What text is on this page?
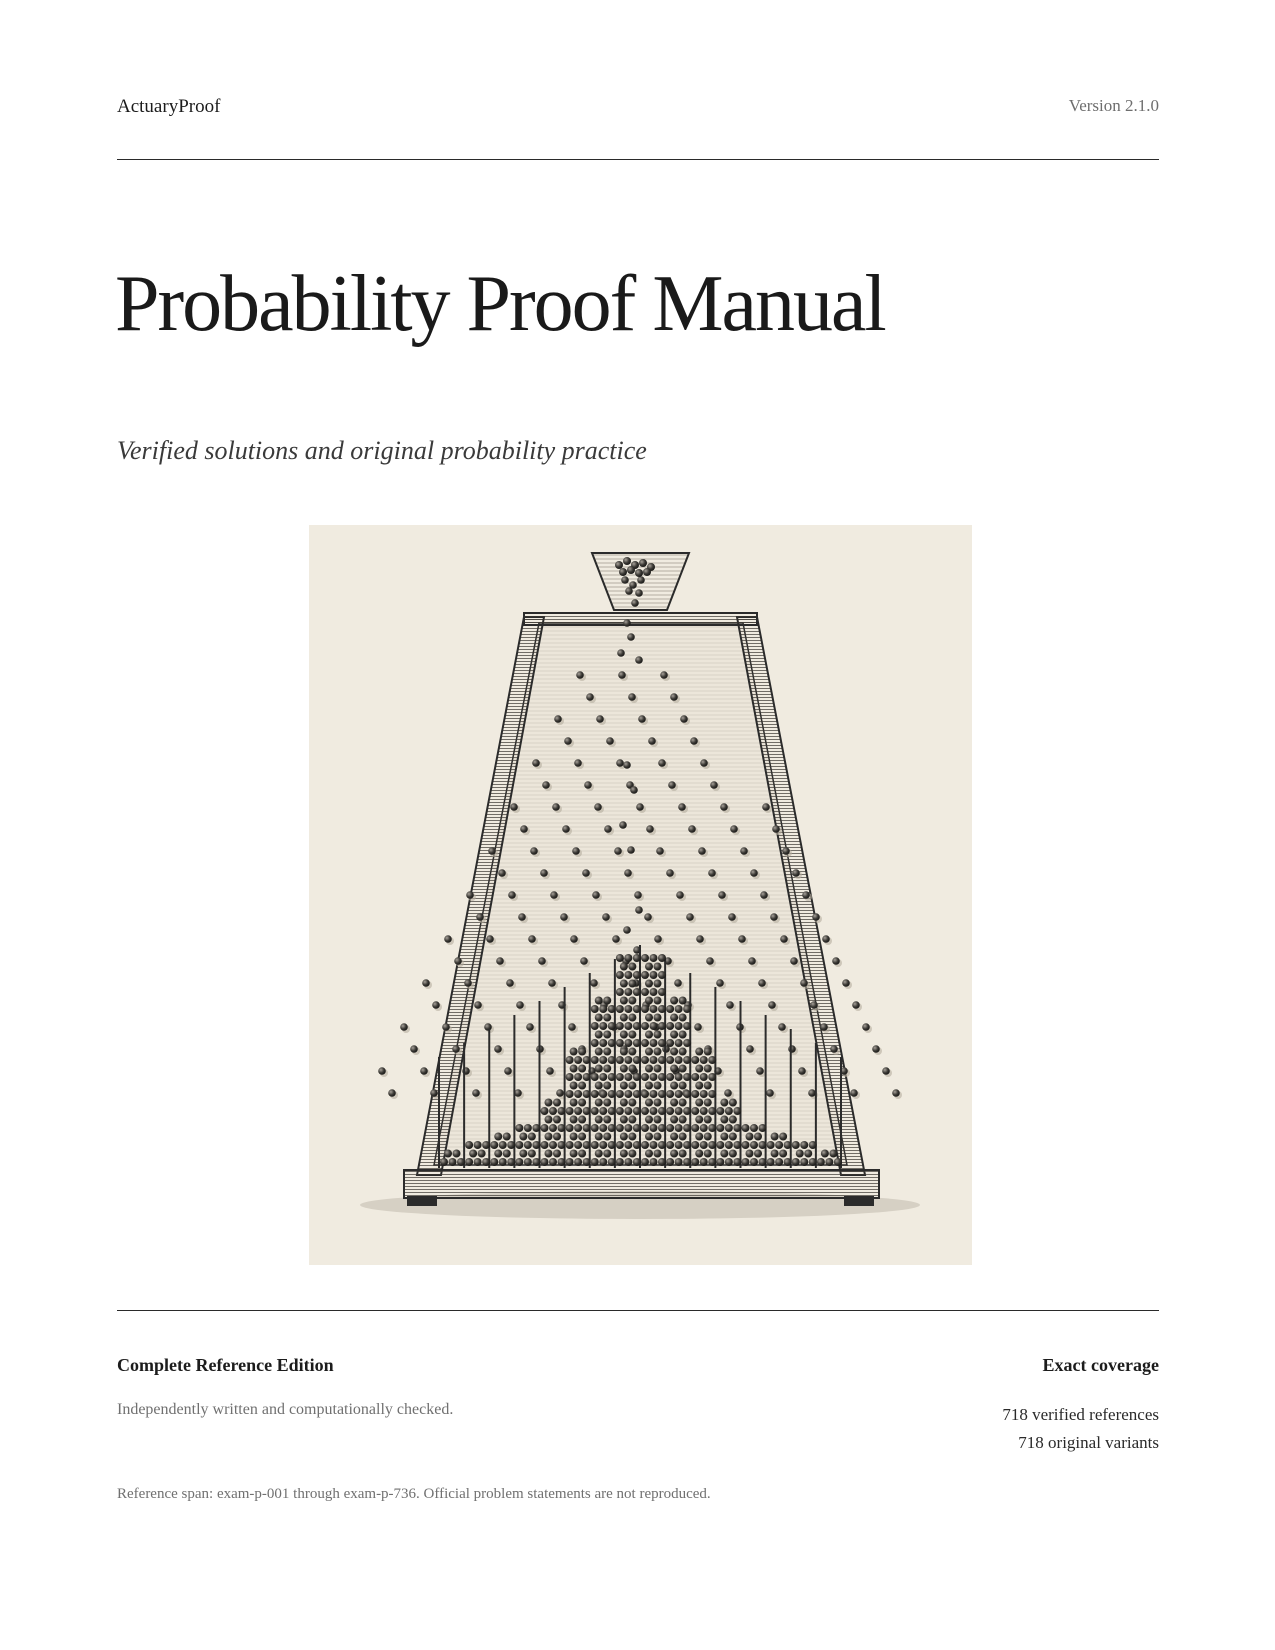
ActuaryProof	Version 2.1.0
Probability Proof Manual

Verified solutions and original probability practice

Complete Reference Edition
Independently written and computationally checked.
Exact coverage
718 verified references
718 original variants
Reference span: exam-p-001 through exam-p-736. Official problem statements are not reproduced.
